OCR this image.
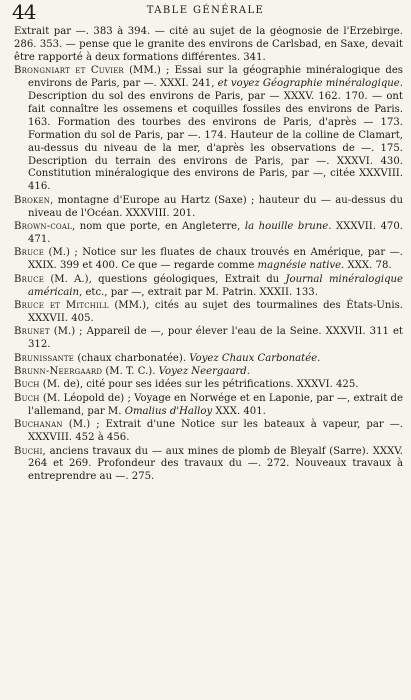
44	TABLE GÉNÉRALE

Extrait par —. 383 à 394. — cité au sujet de la géognosie de l'Erzebirge. 286. 353. — pense que le granite des environs de Carlsbad, en Saxe, devait être rapporté à deux formations différentes. 341.

Brongniart et Cuvier (MM.) ; Essai sur la géographie minéralogique des environs de Paris, par —. XXXI. 241, et voyez Géographie minéralogique. Description du sol des environs de Paris, par — XXXV. 162. 170. — ont fait connaître les ossemens et coquilles fossiles des environs de Paris. 163. Formation des tourbes des environs de Paris, d'après — 173. Formation du sol de Paris, par —. 174. Hauteur de la colline de Clamart, au-dessus du niveau de la mer, d'après les observations de —. 175. Description du terrain des environs de Paris, par —. XXXVI. 430. Constitution minéralogique des environs de Paris, par —, citée XXXVIII. 416.

Broken, montagne d'Europe au Hartz (Saxe) ; hauteur du — au-dessus du niveau de l'Océan. XXXVIII. 201.

Brown-coal, nom que porte, en Angleterre, la houille brune. XXXVII. 470. 471.

Bruce (M.) ; Notice sur les fluates de chaux trouvés en Amérique, par —. XXIX. 399 et 400. Ce que — regarde comme magnésie native. XXX. 78.

Bruce (M. A.), questions géologiques, Extrait du Journal minéralogique américain, etc., par —, extrait par M. Patrin. XXXII. 133.

Bruce et Mitchill (MM.), cités au sujet des tourmalines des États-Unis. XXXVII. 405.

Brunet (M.) ; Appareil de —, pour élever l'eau de la Seine. XXXVII. 311 et 312.

Brunissante (chaux charbonatée). Voyez Chaux Carbonatée.

Brunn-Neergaard (M. T. C.). Voyez Neergaard.

Buch (M. de), cité pour ses idées sur les pétrifications. XXXVI. 425.

Buch (M. Léopold de) ; Voyage en Norwége et en Laponie, par —, extrait de l'allemand, par M. Omalius d'Halloy XXX. 401.

Buchanan (M.) ; Extrait d'une Notice sur les bateaux à vapeur, par —. XXXVIII. 452 à 456.

Buchi, anciens travaux du — aux mines de plomb de Bleyalf (Sarre). XXXV. 264 et 269. Profondeur des travaux du —. 272. Nouveaux travaux à entreprendre au —. 275.
